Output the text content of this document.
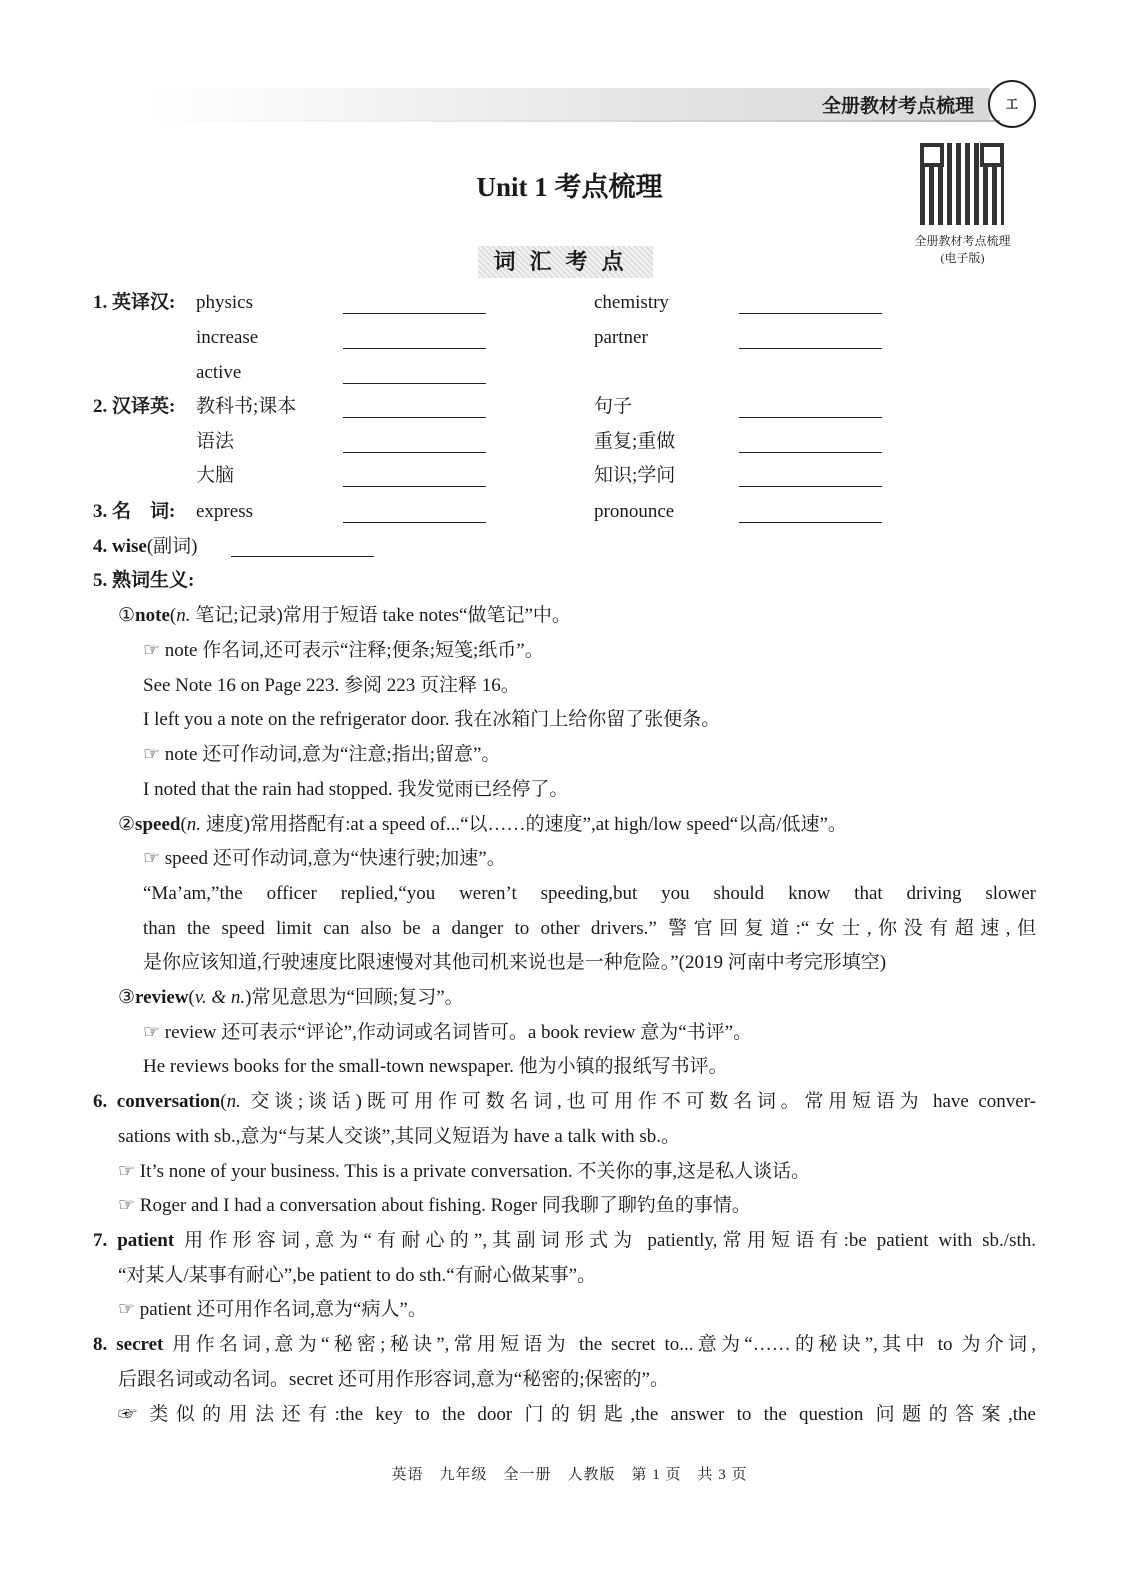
全册教材考点梳理	工
全册教材考点梳理
(电子版)
Unit 1 考点梳理
词汇考点
1. 英译汉: physics	chemistry
increase	partner
active
2. 汉译英: 教科书;课本	句子
语法	重复;重做
大脑	知识;学问
3. 名　词: express	pronounce
4. wise(副词)
5. 熟词生义:
①note(n. 笔记;记录)常用于短语 take notes“做笔记”中。
☞ note 作名词,还可表示“注释;便条;短笺;纸币”。
See Note 16 on Page 223. 参阅 223 页注释 16。
I left you a note on the refrigerator door. 我在冰箱门上给你留了张便条。
☞ note 还可作动词,意为“注意;指出;留意”。
I noted that the rain had stopped. 我发觉雨已经停了。
②speed(n. 速度)常用搭配有:at a speed of...“以……的速度”,at high/low speed“以高/低速”。
☞ speed 还可作动词,意为“快速行驶;加速”。
“Ma’am,”the officer replied,“you weren’t speeding,but you should know that driving slower
than the speed limit can also be a danger to other drivers.” 警官回复道:“女士,你没有超速,但
是你应该知道,行驶速度比限速慢对其他司机来说也是一种危险。”(2019 河南中考完形填空)
③review(v. & n.)常见意思为“回顾;复习”。
☞ review 还可表示“评论”,作动词或名词皆可。a book review 意为“书评”。
He reviews books for the small-town newspaper. 他为小镇的报纸写书评。
6. conversation(n. 交谈;谈话)既可用作可数名词,也可用作不可数名词。常用短语为 have conver-
sations with sb.,意为“与某人交谈”,其同义短语为 have a talk with sb.。
☞ It’s none of your business. This is a private conversation. 不关你的事,这是私人谈话。
☞ Roger and I had a conversation about fishing. Roger 同我聊了聊钓鱼的事情。
7. patient 用作形容词,意为“有耐心的”,其副词形式为 patiently,常用短语有:be patient with sb./sth.
“对某人/某事有耐心”,be patient to do sth.“有耐心做某事”。
☞ patient 还可用作名词,意为“病人”。
8. secret 用作名词,意为“秘密;秘诀”,常用短语为 the secret to...意为“……的秘诀”,其中 to 为介词,
后跟名词或动名词。secret 还可用作形容词,意为“秘密的;保密的”。
☞ 类似的用法还有:the key to the door 门的钥匙,the answer to the question 问题的答案,the
英语　九年级　全一册　人教版　第 1 页　共 3 页
